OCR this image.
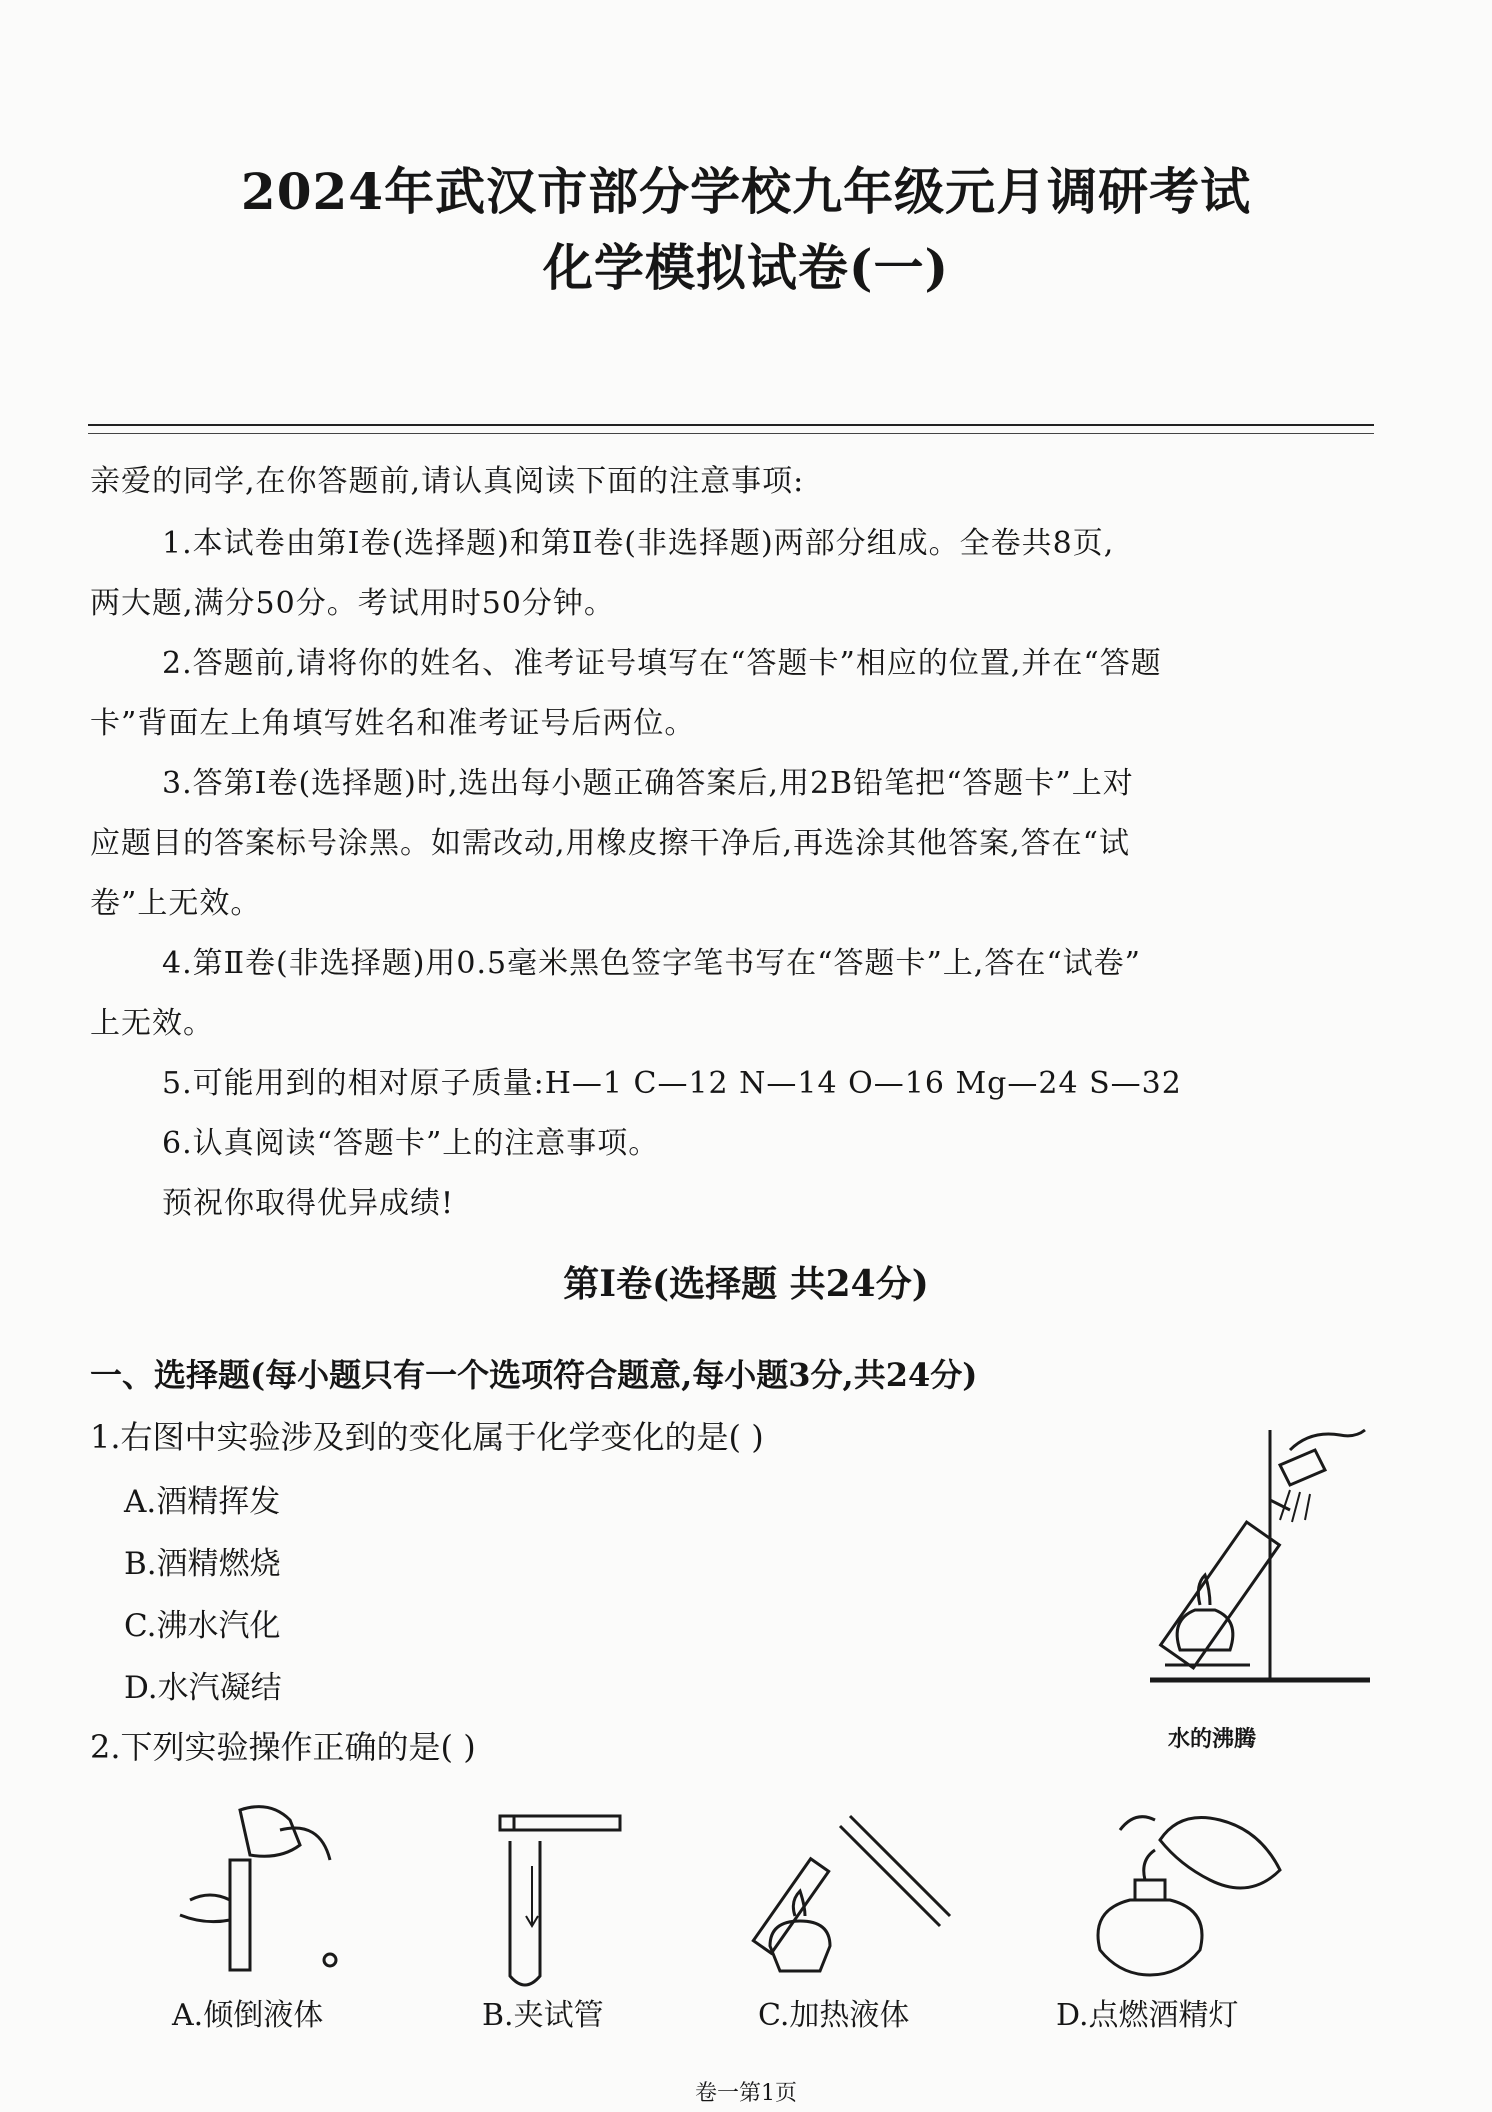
2024年武汉市部分学校九年级元月调研考试
化学模拟试卷(一)
亲爱的同学,在你答题前,请认真阅读下面的注意事项:
1.本试卷由第Ⅰ卷(选择题)和第Ⅱ卷(非选择题)两部分组成。全卷共8页,
两大题,满分50分。考试用时50分钟。
2.答题前,请将你的姓名、准考证号填写在“答题卡”相应的位置,并在“答题
卡”背面左上角填写姓名和准考证号后两位。
3.答第Ⅰ卷(选择题)时,选出每小题正确答案后,用2B铅笔把“答题卡”上对
应题目的答案标号涂黑。如需改动,用橡皮擦干净后,再选涂其他答案,答在“试
卷”上无效。
4.第Ⅱ卷(非选择题)用0.5毫米黑色签字笔书写在“答题卡”上,答在“试卷”
上无效。
5.可能用到的相对原子质量:H—1 C—12 N—14 O—16 Mg—24 S—32
6.认真阅读“答题卡”上的注意事项。
预祝你取得优异成绩!
第Ⅰ卷(选择题 共24分)
一、选择题(每小题只有一个选项符合题意,每小题3分,共24分)
1.右图中实验涉及到的变化属于化学变化的是( )
A.酒精挥发
B.酒精燃烧
C.沸水汽化
D.水汽凝结
水的沸腾
2.下列实验操作正确的是( )
A.倾倒液体	B.夹试管	C.加热液体	D.点燃酒精灯
卷一第1页
